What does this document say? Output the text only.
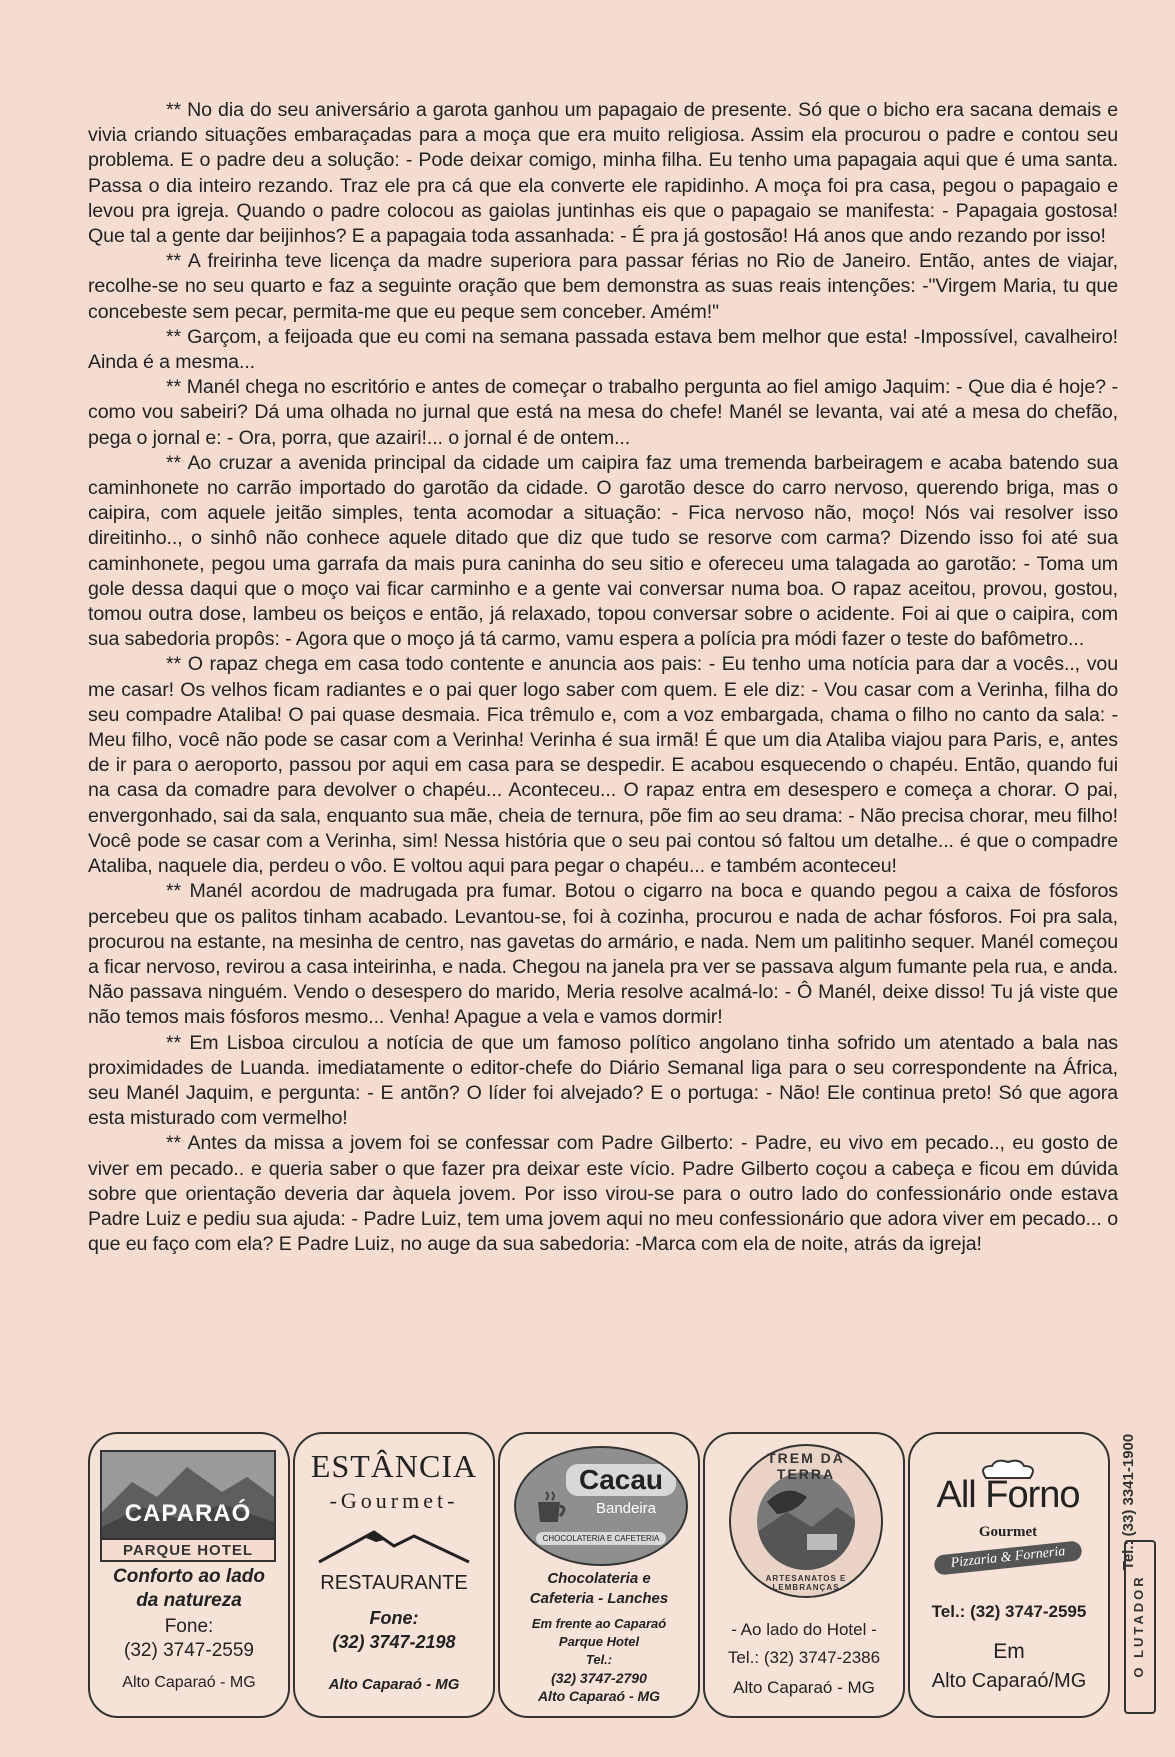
** No dia do seu aniversário a garota ganhou um papagaio de presente. Só que o bicho era sacana demais e vivia criando situações embaraçadas para a moça que era muito religiosa. Assim ela procurou o padre e contou seu problema. E o padre deu a solução: - Pode deixar comigo, minha filha. Eu tenho uma papagaia aqui que é uma santa. Passa o dia inteiro rezando. Traz ele pra cá que ela converte ele rapidinho. A moça foi pra casa, pegou o papagaio e levou pra igreja. Quando o padre colocou as gaiolas juntinhas eis que o papagaio se manifesta: - Papagaia gostosa! Que tal a gente dar beijinhos? E a papagaia toda assanhada: - É pra já gostosão! Há anos que ando rezando por isso!

** A freirinha teve licença da madre superiora para passar férias no Rio de Janeiro. Então, antes de viajar, recolhe-se no seu quarto e faz a seguinte oração que bem demonstra as suas reais intenções: -"Virgem Maria, tu que concebeste sem pecar, permita-me que eu peque sem conceber. Amém!"

** Garçom, a feijoada que eu comi na semana passada estava bem melhor que esta! -Impossível, cavalheiro! Ainda é a mesma...

** Manél chega no escritório e antes de começar o trabalho pergunta ao fiel amigo Jaquim: - Que dia é hoje? - como vou sabeiri? Dá uma olhada no jurnal que está na mesa do chefe! Manél se levanta, vai até a mesa do chefão, pega o jornal e: - Ora, porra, que azairi!... o jornal é de ontem...

** Ao cruzar a avenida principal da cidade um caipira faz uma tremenda barbeiragem e acaba batendo sua caminhonete no carrão importado do garotão da cidade. O garotão desce do carro nervoso, querendo briga, mas o caipira, com aquele jeitão simples, tenta acomodar a situação: - Fica nervoso não, moço! Nós vai resolver isso direitinho.., o sinhô não conhece aquele ditado que diz que tudo se resorve com carma? Dizendo isso foi até sua caminhonete, pegou uma garrafa da mais pura caninha do seu sitio e ofereceu uma talagada ao garotão: - Toma um gole dessa daqui que o moço vai ficar carminho e a gente vai conversar numa boa. O rapaz aceitou, provou, gostou, tomou outra dose, lambeu os beiços e então, já relaxado, topou conversar sobre o acidente. Foi ai que o caipira, com sua sabedoria propôs: - Agora que o moço já tá carmo, vamu espera a polícia pra módi fazer o teste do bafômetro...

** O rapaz chega em casa todo contente e anuncia aos pais: - Eu tenho uma notícia para dar a vocês.., vou me casar! Os velhos ficam radiantes e o pai quer logo saber com quem. E ele diz: - Vou casar com a Verinha, filha do seu compadre Ataliba! O pai quase desmaia. Fica trêmulo e, com a voz embargada, chama o filho no canto da sala: - Meu filho, você não pode se casar com a Verinha! Verinha é sua irmã! É que um dia Ataliba viajou para Paris, e, antes de ir para o aeroporto, passou por aqui em casa para se despedir. E acabou esquecendo o chapéu. Então, quando fui na casa da comadre para devolver o chapéu... Aconteceu... O rapaz entra em desespero e começa a chorar. O pai, envergonhado, sai da sala, enquanto sua mãe, cheia de ternura, põe fim ao seu drama: - Não precisa chorar, meu filho! Você pode se casar com a Verinha, sim! Nessa história que o seu pai contou só faltou um detalhe... é que o compadre Ataliba, naquele dia, perdeu o vôo. E voltou aqui para pegar o chapéu... e também aconteceu!

** Manél acordou de madrugada pra fumar. Botou o cigarro na boca e quando pegou a caixa de fósforos percebeu que os palitos tinham acabado. Levantou-se, foi à cozinha, procurou e nada de achar fósforos. Foi pra sala, procurou na estante, na mesinha de centro, nas gavetas do armário, e nada. Nem um palitinho sequer. Manél começou a ficar nervoso, revirou a casa inteirinha, e nada. Chegou na janela pra ver se passava algum fumante pela rua, e anda. Não passava ninguém. Vendo o desespero do marido, Meria resolve acalmá-lo: - Ô Manél, deixe disso! Tu já viste que não temos mais fósforos mesmo... Venha! Apague a vela e vamos dormir!

** Em Lisboa circulou a notícia de que um famoso político angolano tinha sofrido um atentado a bala nas proximidades de Luanda. imediatamente o editor-chefe do Diário Semanal liga para o seu correspondente na África, seu Manél Jaquim, e pergunta: - E antõn? O líder foi alvejado? E o portuga: - Não! Ele continua preto! Só que agora esta misturado com vermelho!

** Antes da missa a jovem foi se confessar com Padre Gilberto: - Padre, eu vivo em pecado.., eu gosto de viver em pecado.. e queria saber o que fazer pra deixar este vício. Padre Gilberto coçou a cabeça e ficou em dúvida sobre que orientação deveria dar àquela jovem. Por isso virou-se para o outro lado do confessionário onde estava Padre Luiz e pediu sua ajuda: - Padre Luiz, tem uma jovem aqui no meu confessionário que adora viver em pecado... o que eu faço com ela? E Padre Luiz, no auge da sua sabedoria: -Marca com ela de noite, atrás da igreja!

CAPARAÓ
PARQUE HOTEL
Conforto ao lado
da natureza
Fone:
(32) 3747-2559
Alto Caparaó - MG
ESTÂNCIA
-Gourmet-
RESTAURANTE
Fone:
(32) 3747-2198
Alto Caparaó - MG
Cacau
Bandeira
CHOCOLATERIA E CAFETERIA
Chocolateria e
Cafeteria - Lanches
Em frente ao Caparaó
Parque Hotel
Tel.:
(32) 3747-2790
Alto Caparaó - MG
TREM DA TERRA
ARTESANATOS E LEMBRANÇAS
- Ao lado do Hotel -
Tel.: (32) 3747-2386
Alto Caparaó - MG
All Forno
Gourmet
Pizzaria & Forneria
Tel.: (32) 3747-2595
Em
Alto Caparaó/MG
Tel.: (33) 3341-1900
O LUTADOR
